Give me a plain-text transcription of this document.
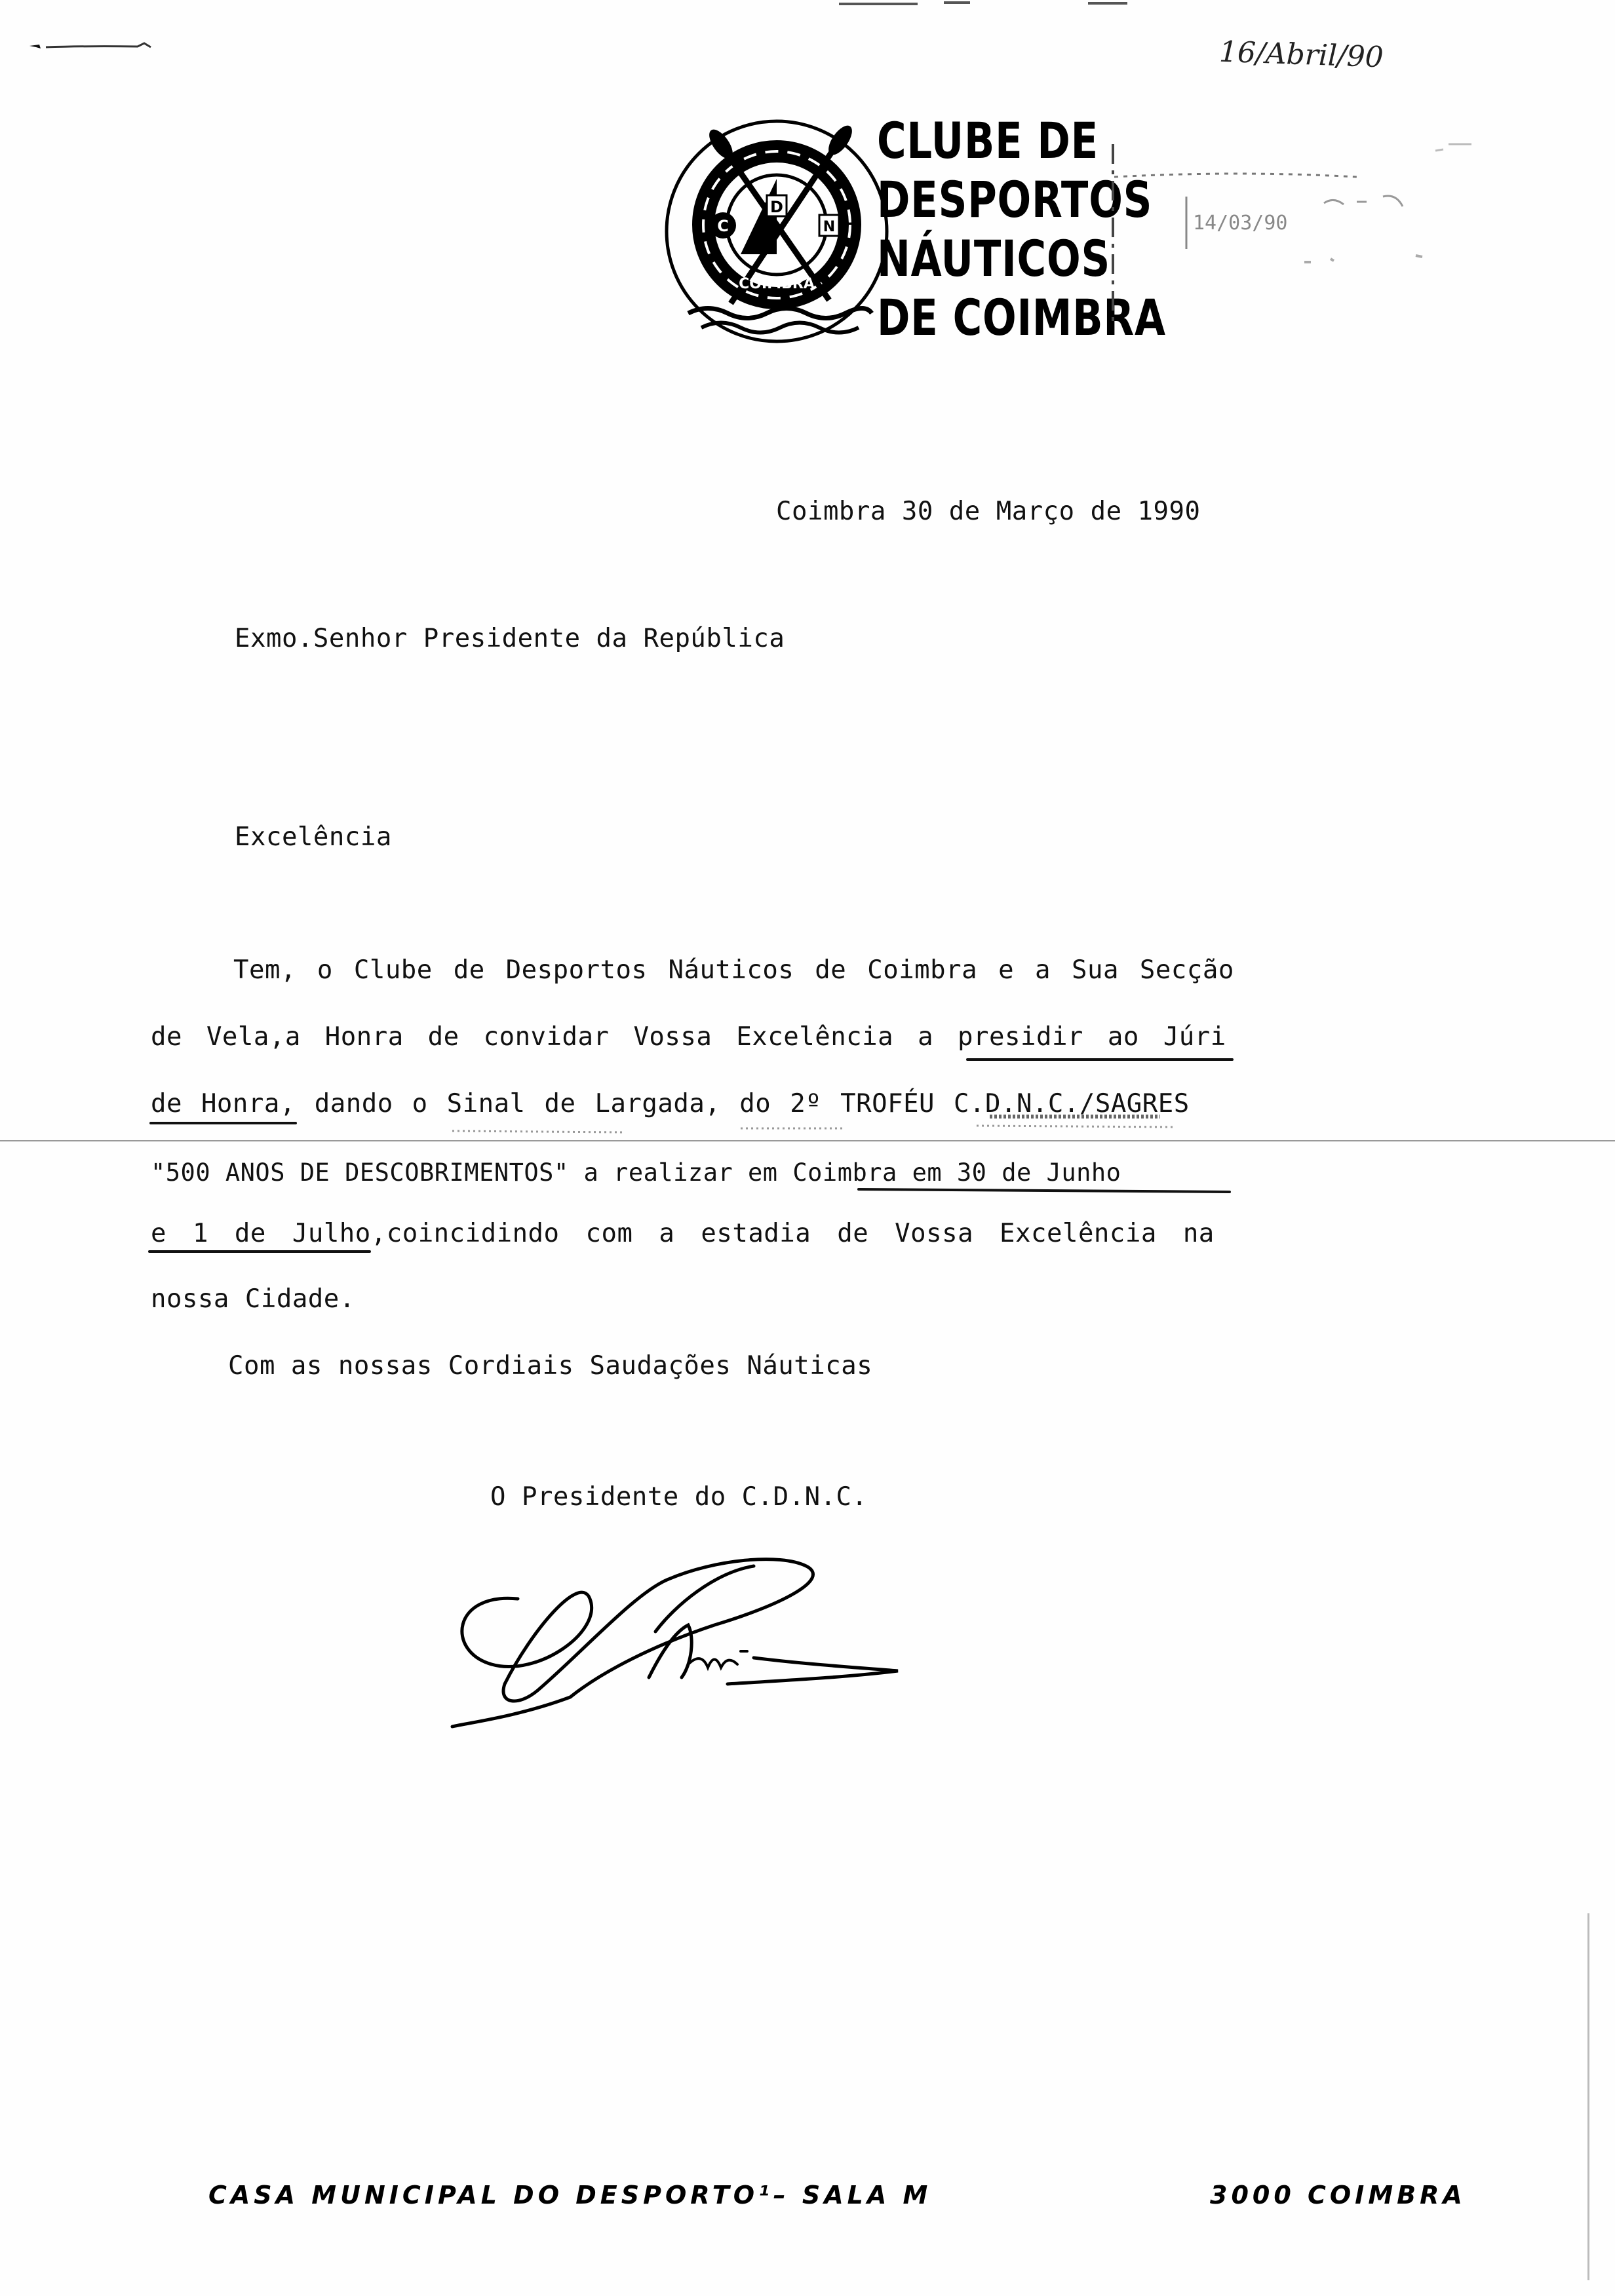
16/Abril/90
D
C	N
COIMBRA
CLUBE DE
DESPORTOS
NÁUTICOS
DE COIMBRA
14/03/90
Coimbra 30 de Março de 1990
Exmo.Senhor Presidente da República
Excelência
Tem, o Clube de Desportos Náuticos de Coimbra e a Sua Secção
de Vela,a Honra de convidar Vossa Excelência a presidir ao Júri
de Honra, dando o Sinal de Largada, do 2º TROFÉU C.D.N.C./SAGRES
"500 ANOS DE DESCOBRIMENTOS" a realizar em Coimbra em 30 de Junho
e 1 de Julho,coincidindo com a estadia de Vossa Excelência na
nossa Cidade.
Com as nossas Cordiais Saudações Náuticas
O Presidente do C.D.N.C.
CASA MUNICIPAL DO DESPORTO¹– SALA M	3000 COIMBRA
